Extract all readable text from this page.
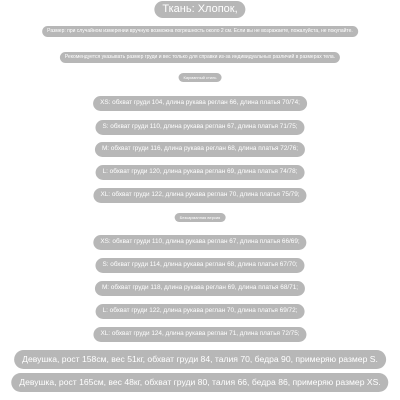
Ткань: Хлопок,
Размер: при случайном измерении вручную возможна погрешность около 2 см. Если вы не возражаете, пожалуйста, не покупайте.
Рекомендуется указывать размер груди и вес только для справки из-за индивидуальных различий в размерах тела.
Карманный стиль
XS: обхват груди 104, длина рукава реглан 66, длина платья 70/74;
S: обхват груди 110, длина рукава реглан 67, длина платья 71/75;
M: обхват груди 116, длина рукава реглан 68, длина платья 72/76;
L: обхват груди 120, длина рукава реглан 69, длина платья 74/78;
XL: обхват груди 122, длина рукава реглан 70, длина платья 75/79;
Безкарманная версия
XS: обхват груди 110, длина рукава реглан 67, длина платья 66/69;
S: обхват груди 114, длина рукава реглан 68, длина платья 67/70;
M: обхват груди 118, длина рукава реглан 69, длина платья 68/71;
L: обхват груди 122, длина рукава реглан 70, длина платья 69/72;
XL: обхват груди 124, длина рукава реглан 71, длина платья 72/75;
Девушка, рост 158см, вес 51кг, обхват груди 84, талия 70, бедра 90, примеряю размер S.
Девушка, рост 165см, вес 48кг, обхват груди 80, талия 66, бедра 86, примеряю размер XS.
